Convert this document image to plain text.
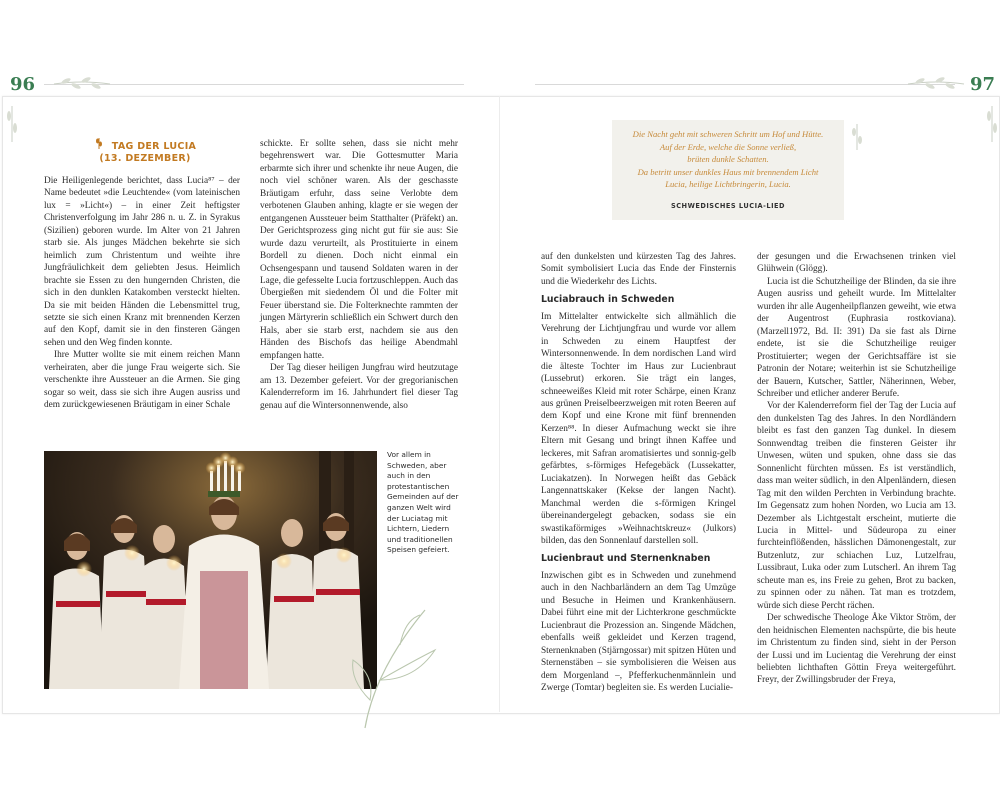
96	97
TAG DER LUCIA
(13. DEZEMBER)

Die Heiligenlegende berichtet, dass Lucia⁸⁷ – der Name bedeutet »die Leuchtende« (vom lateinischen lux = »Licht«) – in einer Zeit heftigster Christenverfolgung im Jahr 286 n. u. Z. in Syrakus (Sizilien) geboren wurde. Im Alter von 21 Jahren starb sie. Als junges Mädchen bekehrte sie sich heimlich zum Christentum und weihte ihre Jungfräulichkeit dem geliebten Jesus. Heimlich brachte sie Essen zu den hungernden Christen, die sich in den dunklen Katakomben versteckt hielten. Da sie mit beiden Händen die Lebensmittel trug, setzte sie sich einen Kranz mit brennenden Kerzen auf den Kopf, damit sie in den finsteren Gängen sehen und den Weg finden konnte.

Ihre Mutter wollte sie mit einem reichen Mann verheiraten, aber die junge Frau weigerte sich. Sie verschenkte ihre Aussteuer an die Armen. Sie ging sogar so weit, dass sie sich ihre Augen ausriss und dem zurückgewiesenen Bräutigam in einer Schale

schickte. Er sollte sehen, dass sie nicht mehr begehrenswert war. Die Gottesmutter Maria erbarmte sich ihrer und schenkte ihr neue Augen, die noch viel schöner waren. Als der geschasste Bräutigam erfuhr, dass seine Verlobte dem verbotenen Glauben anhing, klagte er sie wegen der entgangenen Aussteuer beim Statthalter (Präfekt) an. Der Gerichtsprozess ging nicht gut für sie aus: Sie wurde dazu verurteilt, als Prostituierte in einem Bordell zu dienen. Doch nicht einmal ein Ochsengespann und tausend Soldaten waren in der Lage, die gefesselte Lucia fortzuschleppen. Auch das Übergießen mit siedendem Öl und die Folter mit Feuer überstand sie. Die Folterknechte rammten der jungen Märtyrerin schließlich ein Schwert durch den Hals, aber sie starb erst, nachdem sie aus den Händen des Bischofs das heilige Abendmahl empfangen hatte.

Der Tag dieser heiligen Jungfrau wird heutzutage am 13. Dezember gefeiert. Vor der gregorianischen Kalenderreform im 16. Jahrhundert fiel dieser Tag genau auf die Wintersonnenwende, also

Vor allem in Schweden, aber auch in den protestantischen Gemeinden auf der ganzen Welt wird der Luciatag mit Lichtern, Liedern und traditionellen Speisen gefeiert.
Die Nacht geht mit schweren Schritt um Hof und Hütte.
Auf der Erde, welche die Sonne verließ,
brüten dunkle Schatten.
Da betritt unser dunkles Haus mit brennendem Licht
Lucia, heilige Lichtbringerin, Lucia.
SCHWEDISCHES LUCIA-LIED

auf den dunkelsten und kürzesten Tag des Jahres. Somit symbolisiert Lucia das Ende der Finsternis und die Wiederkehr des Lichts.

Luciabrauch in Schweden

Im Mittelalter entwickelte sich allmählich die Verehrung der Lichtjungfrau und wurde vor allem in Schweden zu einem Hauptfest der Wintersonnenwende. In dem nordischen Land wird die älteste Tochter im Haus zur Lucienbraut (Lussebrut) erkoren. Sie trägt ein langes, schneeweißes Kleid mit roter Schärpe, einen Kranz aus grünen Preiselbeerzweigen mit roten Beeren auf dem Kopf und eine Krone mit fünf brennenden Kerzen⁸⁸. In dieser Aufmachung weckt sie ihre Eltern mit Gesang und bringt ihnen Kaffee und leckeres, mit Safran aromatisiertes und sonnig-gelb gefärbtes, s-förmiges Hefegebäck (Lussekatter, Luciakatzen). In Norwegen heißt das Gebäck Langennattskaker (Kekse der langen Nacht). Manchmal werden die s-förmigen Kringel übereinandergelegt gebacken, sodass sie ein swastikaförmiges »Weihnachtskreuz« (Julkors) bilden, das den Sonnenlauf darstellen soll.

Lucienbraut und Sternenknaben

Inzwischen gibt es in Schweden und zunehmend auch in den Nachbarländern an dem Tag Umzüge und Besuche in Heimen und Krankenhäusern. Dabei führt eine mit der Lichterkrone geschmückte Lucienbraut die Prozession an. Singende Mädchen, ebenfalls weiß gekleidet und Kerzen tragend, Sternenknaben (Stjärngossar) mit spitzen Hüten und Sternenstäben – sie symbolisieren die Weisen aus dem Morgenland –, Pfefferkuchenmännlein und Zwerge (Tomtar) begleiten sie. Es werden Lucialie-

der gesungen und die Erwachsenen trinken viel Glühwein (Glögg).

Lucia ist die Schutzheilige der Blinden, da sie ihre Augen ausriss und geheilt wurde. Im Mittelalter wurden ihr alle Augenheilpflanzen geweiht, wie etwa der Augentrost (Euphrasia rostkoviana). (Marzell1972, Bd. II: 391) Da sie fast als Dirne endete, ist sie die Schutzheilige reuiger Prostituierter; wegen der Gerichtsaffäre ist sie Patronin der Notare; weiterhin ist sie Schutzheilige der Bauern, Kutscher, Sattler, Näherinnen, Weber, Schreiber und etlicher anderer Berufe.

Vor der Kalenderreform fiel der Tag der Lucia auf den dunkelsten Tag des Jahres. In den Nordländern bleibt es fast den ganzen Tag dunkel. In diesem Sonnwendtag treiben die finsteren Geister ihr Unwesen, wüten und spuken, ohne dass sie das Sonnenlicht fürchten müssen. Es ist verständlich, dass man weiter südlich, in den Alpenländern, diesen Tag mit den wilden Perchten in Verbindung brachte. Im Gegensatz zum hohen Norden, wo Lucia am 13. Dezember als Lichtgestalt erscheint, mutierte die Lucia in Mittel- und Südeuropa zu einer furchteinflößenden, hässlichen Dämonengestalt, zur Butzenlutz, zur schiachen Luz, Lutzelfrau, Lussibraut, Luka oder zum Lutscherl. An ihrem Tag scheute man es, ins Freie zu gehen, Brot zu backen, zu spinnen oder zu nähen. Tat man es trotzdem, würde sich diese Percht rächen.

Der schwedische Theologe Åke Viktor Ström, der den heidnischen Elementen nachspürte, die bis heute im Christentum zu finden sind, sieht in der Person der Lussi und im Lucientag die Verehrung der einst beliebten lichthaften Göttin Freya weitergeführt. Freyr, der Zwillingsbruder der Freya,
